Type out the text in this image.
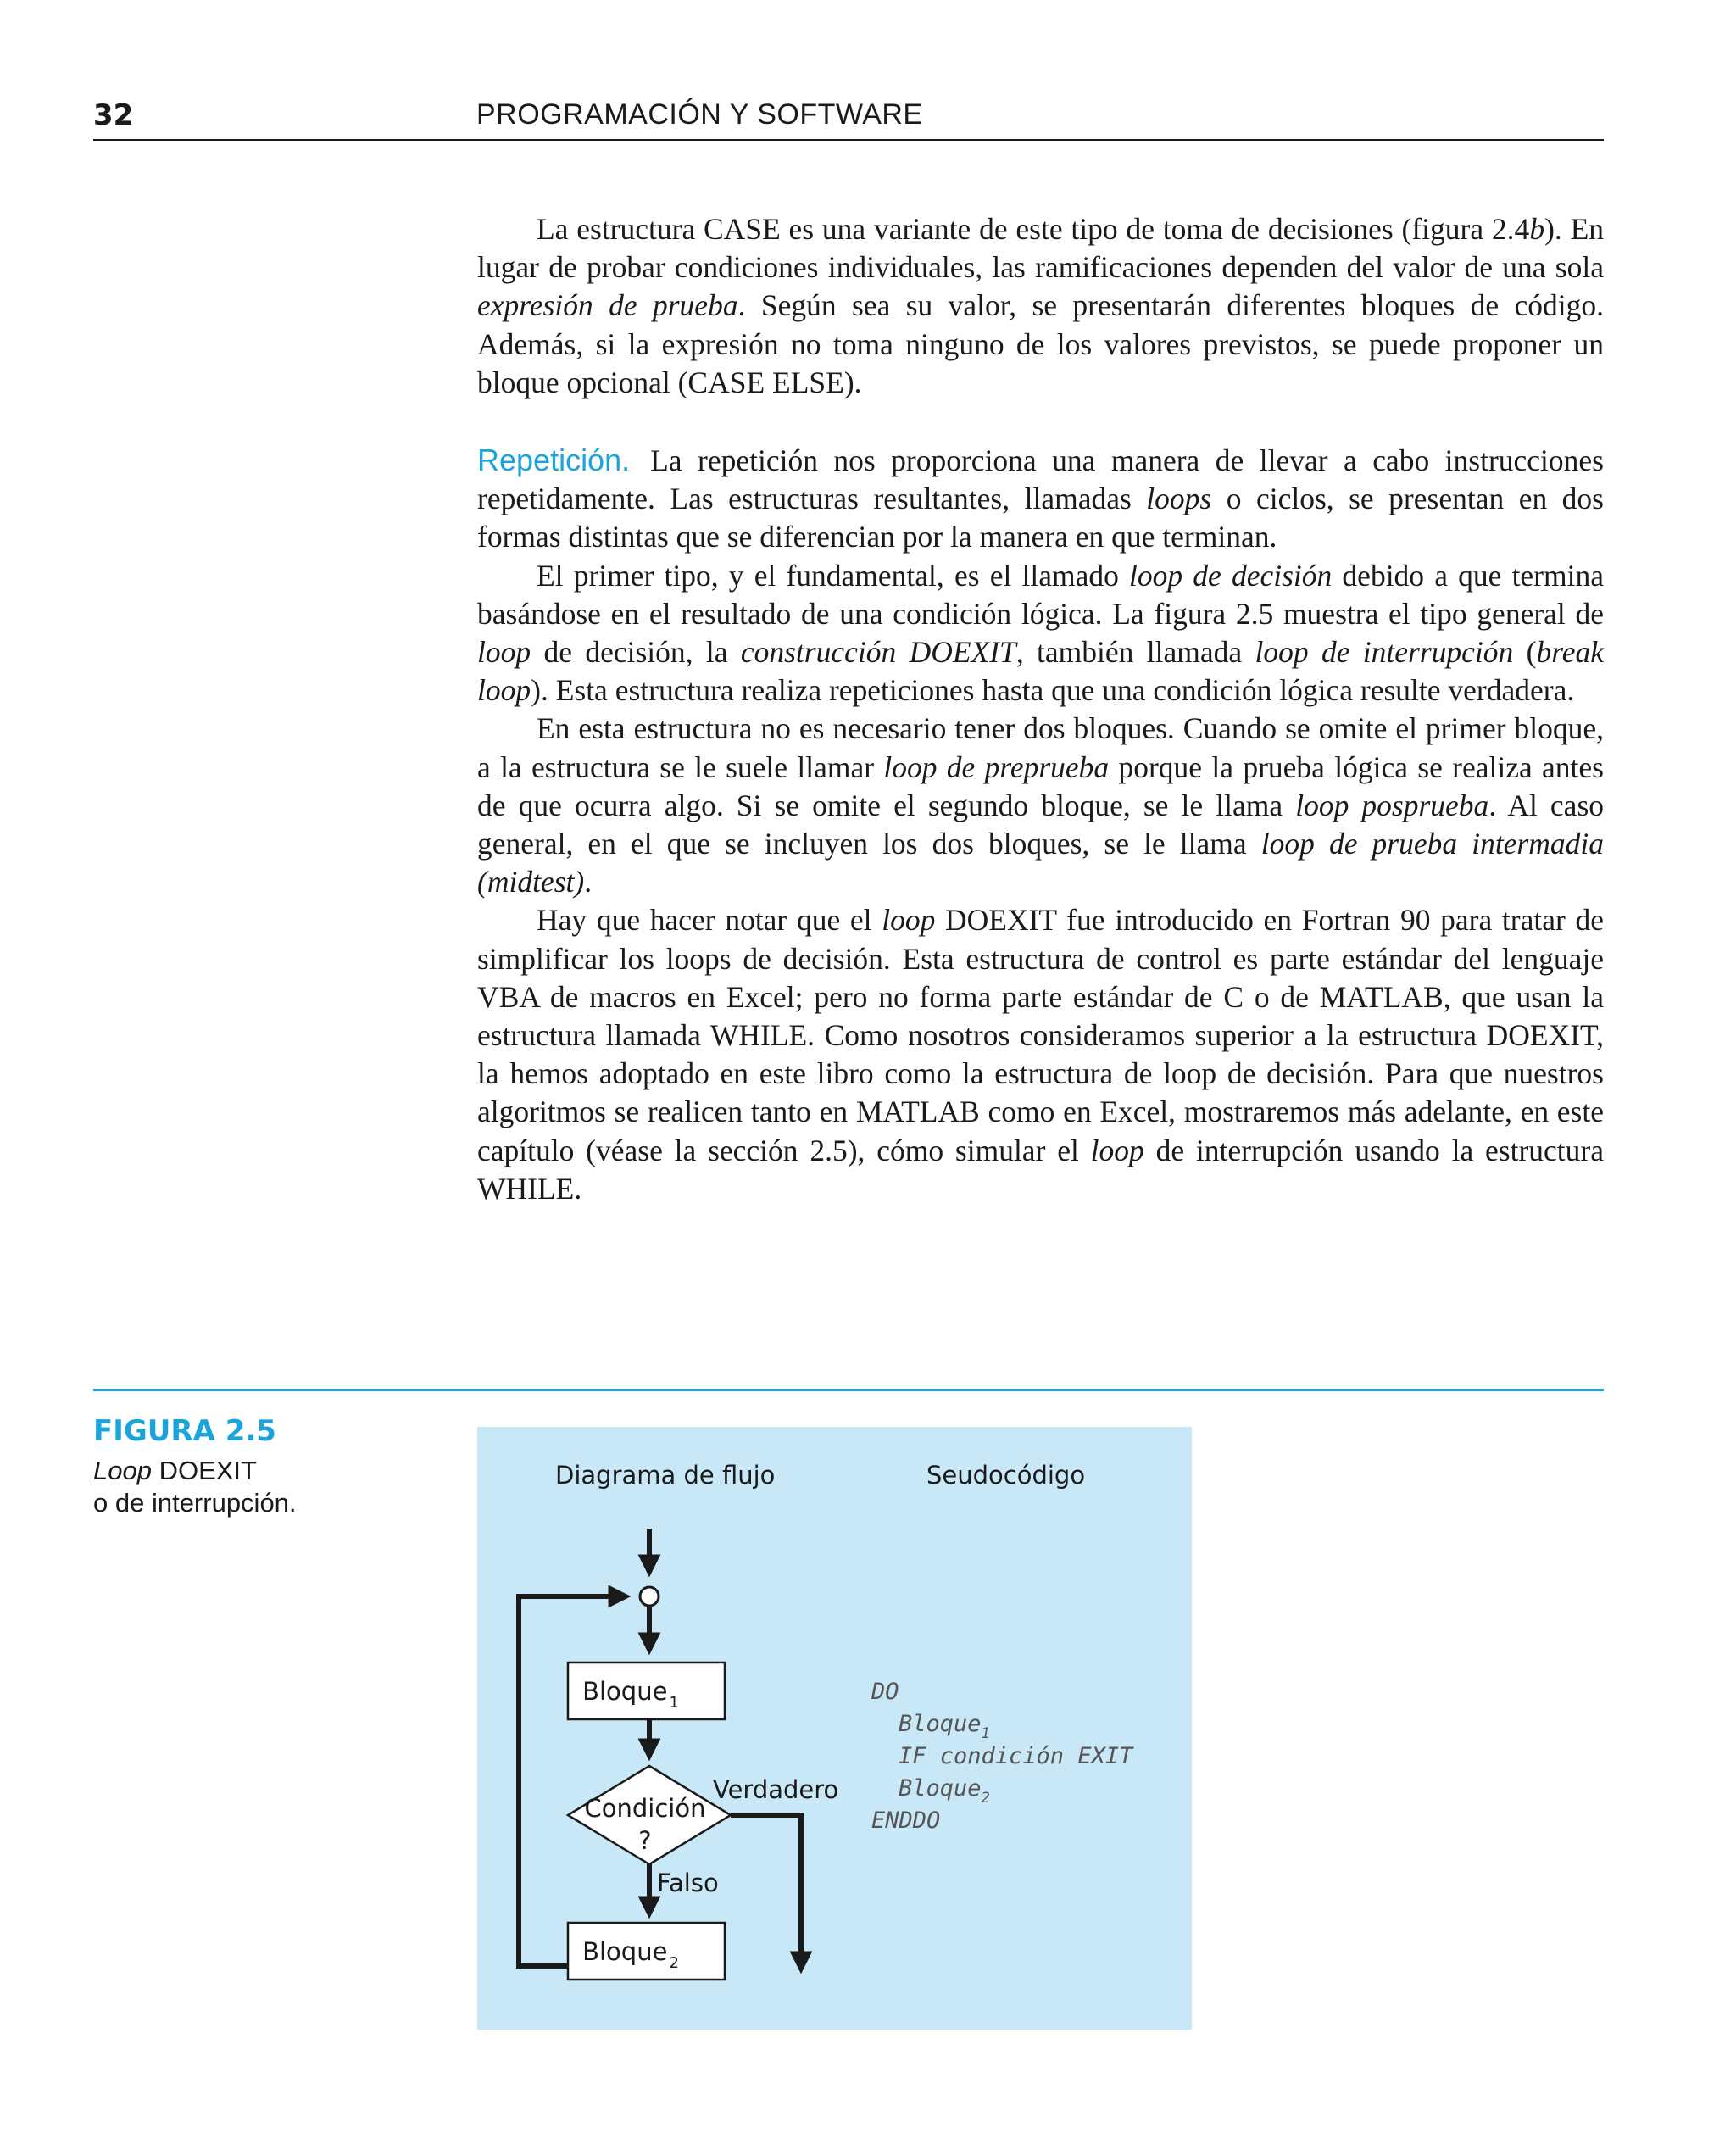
32	PROGRAMACIÓN Y SOFTWARE

La estructura CASE es una variante de este tipo de toma de decisiones (figura 2.4b). En lugar de probar condiciones individuales, las ramificaciones dependen del valor de una sola expresión de prueba. Según sea su valor, se presentarán diferentes bloques de código. Además, si la expresión no toma ninguno de los valores previstos, se puede proponer un bloque opcional (CASE ELSE).

Repetición. La repetición nos proporciona una manera de llevar a cabo instrucciones repetidamente. Las estructuras resultantes, llamadas loops o ciclos, se presentan en dos formas distintas que se diferencian por la manera en que terminan.

El primer tipo, y el fundamental, es el llamado loop de decisión debido a que termina basándose en el resultado de una condición lógica. La figura 2.5 muestra el tipo general de loop de decisión, la construcción DOEXIT, también llamada loop de interrupción (break loop). Esta estructura realiza repeticiones hasta que una condición lógica resulte verdadera.

En esta estructura no es necesario tener dos bloques. Cuando se omite el primer bloque, a la estructura se le suele llamar loop de preprueba porque la prueba lógica se realiza antes de que ocurra algo. Si se omite el segundo bloque, se le llama loop posprueba. Al caso general, en el que se incluyen los dos bloques, se le llama loop de prueba intermadia (midtest).

Hay que hacer notar que el loop DOEXIT fue introducido en Fortran 90 para tratar de simplificar los loops de decisión. Esta estructura de control es parte estándar del lenguaje VBA de macros en Excel; pero no forma parte estándar de C o de MATLAB, que usan la estructura llamada WHILE. Como nosotros consideramos superior a la estructura DOEXIT, la hemos adoptado en este libro como la estructura de loop de decisión. Para que nuestros algoritmos se realicen tanto en MATLAB como en Excel, mostraremos más adelante, en este capítulo (véase la sección 2.5), cómo simular el loop de interrupción usando la estructura WHILE.

FIGURA 2.5
Loop DOEXIT
o de interrupción.
Diagrama de flujo	Seudocódigo
Bloque $_1$
Condición
?
Verdadero
Falso
Bloque $_2$
DO
Bloque$_1$
IF condición EXIT
Bloque$_2$
ENDDO
